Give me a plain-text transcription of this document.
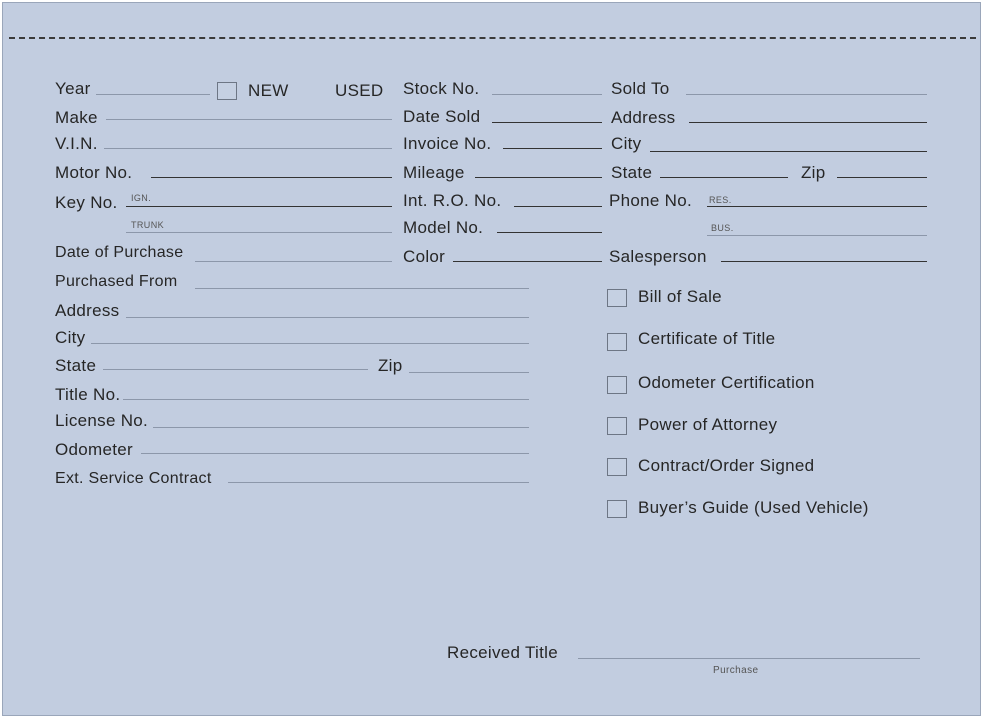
Year	NEW	USED
Make
V.I.N.
Motor No.
Key No. IGN.
TRUNK
Date of Purchase
Stock No.
Date Sold
Invoice No.
Mileage
Int. R.O. No.
Model No.
Color
Sold To
Address
City
State	Zip
Phone No. RES.
BUS.
Salesperson
Purchased From
Address
City
State	Zip
Title No.
License No.
Odometer
Ext. Service Contract
Bill of Sale
Certificate of Title
Odometer Certification
Power of Attorney
Contract/Order Signed
Buyer’s Guide (Used Vehicle)
Received Title
Purchase
